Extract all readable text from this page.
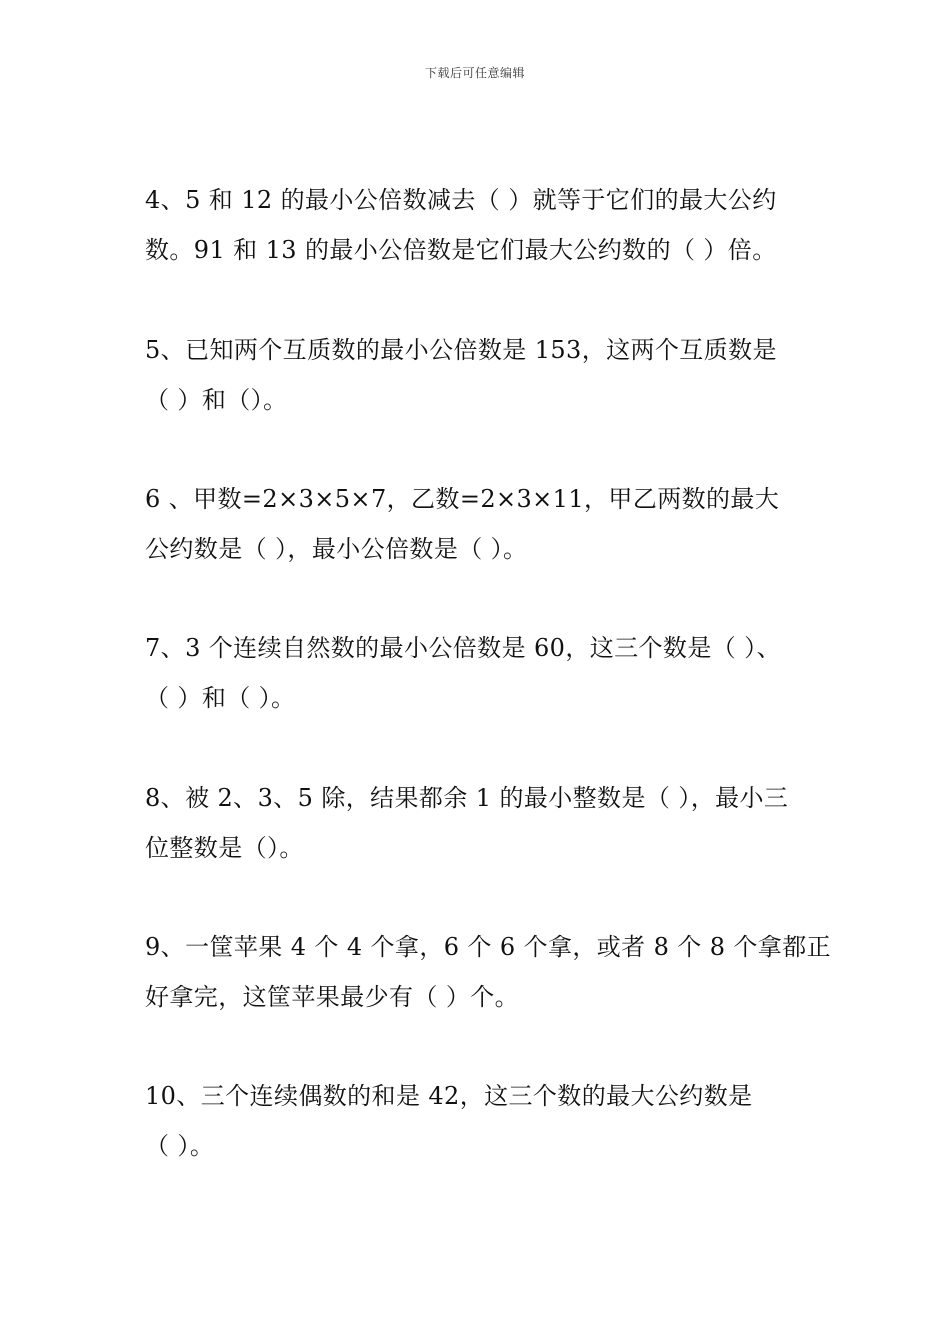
下载后可任意编辑
4、5 和 12 的最小公倍数减去（ ）就等于它们的最大公约
数。91 和 13 的最小公倍数是它们最大公约数的（ ）倍。
5、已知两个互质数的最小公倍数是 153，这两个互质数是
（ ）和（）。
6 、甲数=2×3×5×7，乙数=2×3×11，甲乙两数的最大
公约数是（ ），最小公倍数是（ ）。
7、3 个连续自然数的最小公倍数是 60，这三个数是（ ）、
（ ）和（ ）。
8、被 2、3、5 除，结果都余 1 的最小整数是（ ），最小三
位整数是（）。
9、一筐苹果 4 个 4 个拿，6 个 6 个拿，或者 8 个 8 个拿都正
好拿完，这筐苹果最少有（ ）个。
10、三个连续偶数的和是 42，这三个数的最大公约数是
（ ）。
